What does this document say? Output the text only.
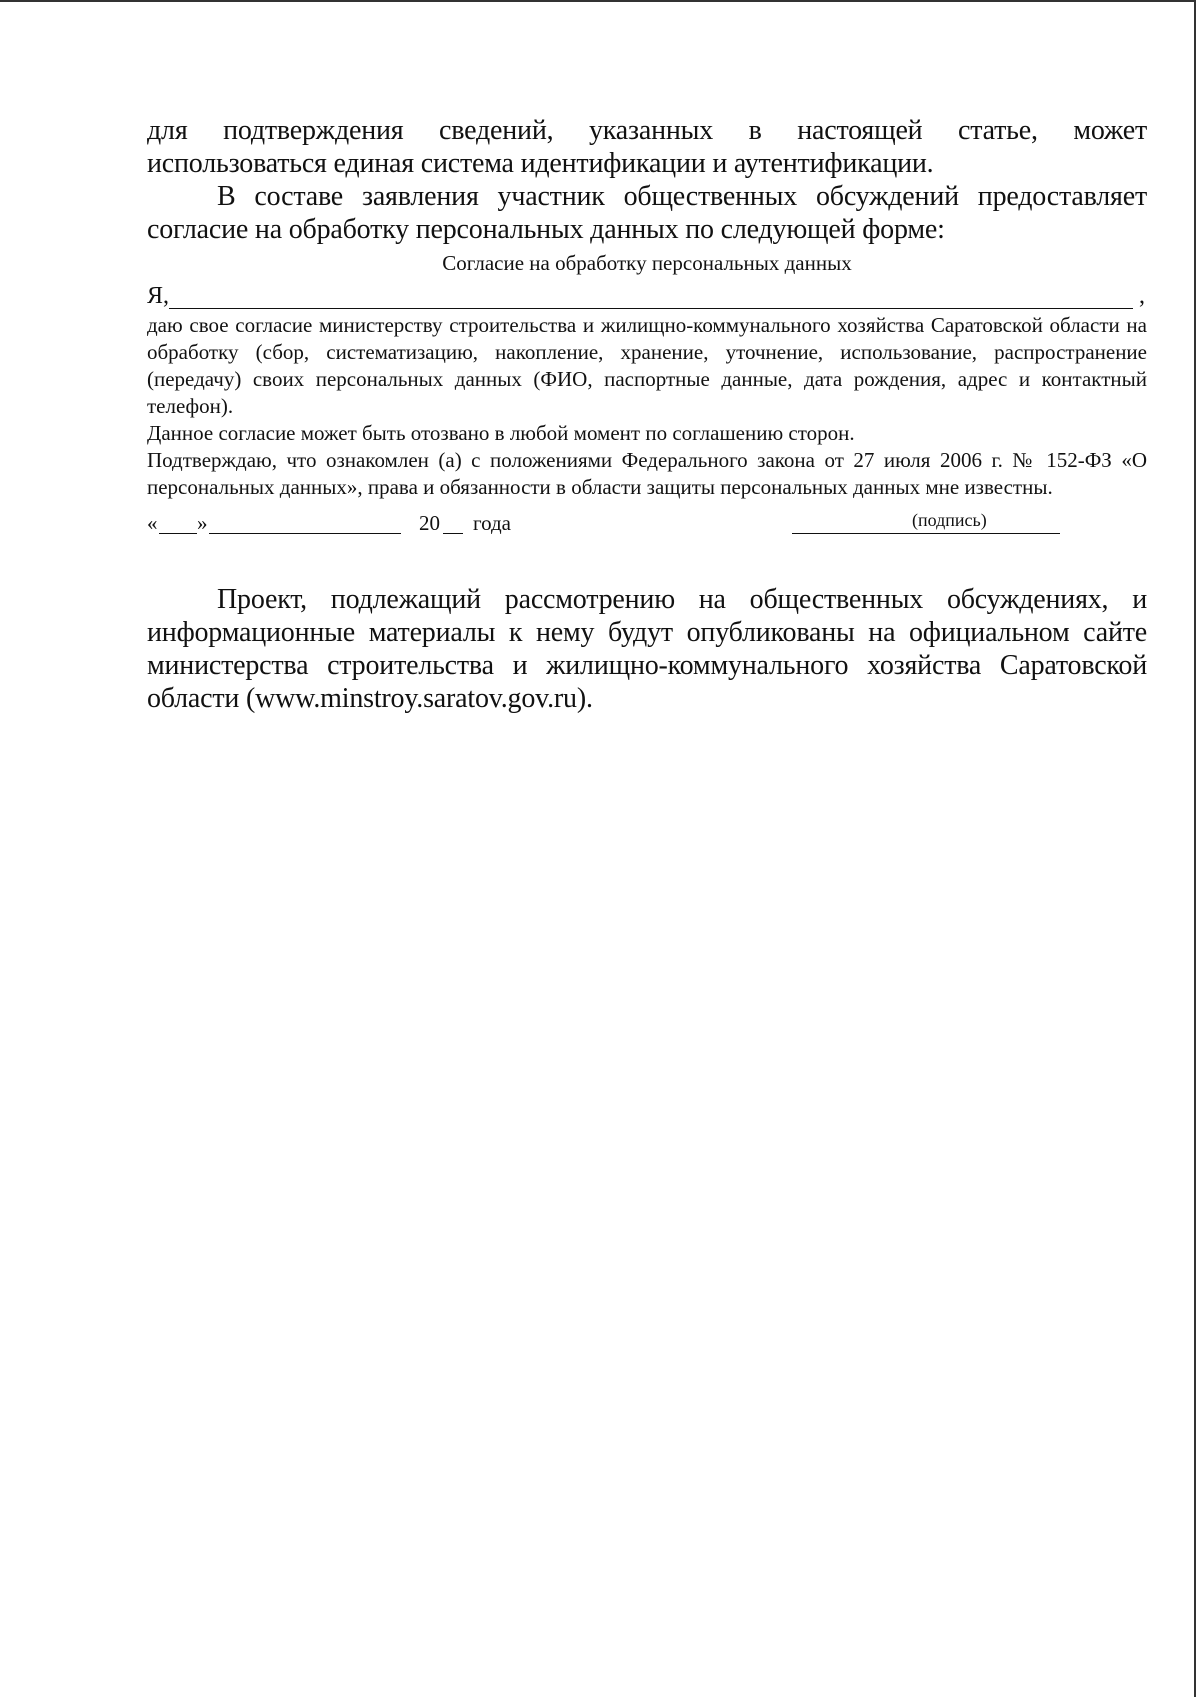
для подтверждения сведений, указанных в настоящей статье, может

использоваться единая система идентификации и аутентификации.

В составе заявления участник общественных обсуждений предоставляет

согласие на обработку персональных данных по следующей форме:

Согласие на обработку персональных данных
Я,	,

даю свое согласие министерству строительства и жилищно-коммунального хозяйства Саратовской области на обработку (сбор, систематизацию, накопление, хранение, уточнение, использование, распространение (передачу) своих персональных данных (ФИО, паспортные данные, дата рождения, адрес и контактный телефон).

Данное согласие может быть отозвано в любой момент по соглашению сторон.

Подтверждаю, что ознакомлен (а) с положениями Федерального закона от 27 июля 2006 г. № 152-ФЗ «О персональных данных», права и обязанности в области защиты персональных данных мне известны.

« »	20 года	(подпись)

Проект, подлежащий рассмотрению на общественных обсуждениях, и информационные материалы к нему будут опубликованы на официальном сайте министерства строительства и жилищно-коммунального хозяйства Саратовской области (www.minstroy.saratov.gov.ru).
